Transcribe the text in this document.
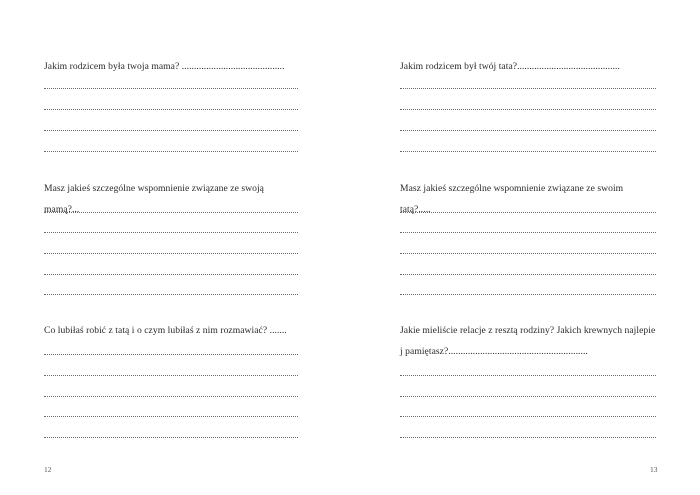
Jakim rodzicem była twoja mama? ..........................................
Masz jakieś szczególne wspomnienie związane ze swoją mamą?...
Co lubiłaś robić z tatą i o czym lubiłaś z nim rozmawiać? .......
12
Jakim rodzicem był twój tata?..........................................
Masz jakieś szczególne wspomnienie związane ze swoim tatą?.....
Jakie mieliście relacje z resztą rodziny? Jakich krewnych najlepiej pamiętasz?.........................................................
13
